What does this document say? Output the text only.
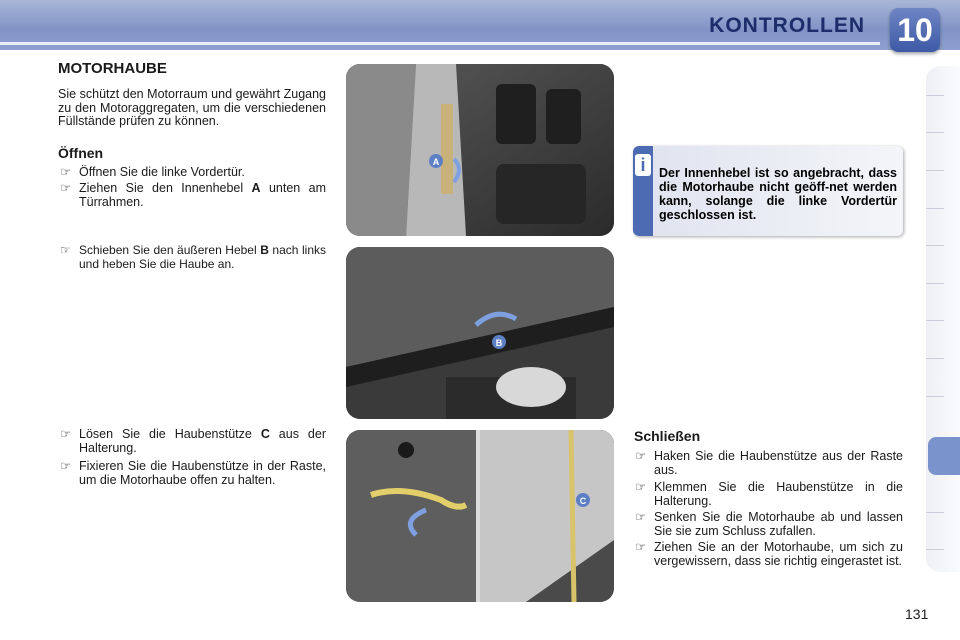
KONTROLLEN 10
MOTORHAUBE

Sie schützt den Motorraum und gewährt Zugang zu den Motoraggregaten, um die verschiedenen Füllstände prüfen zu können.

Öffnen
☞ Öffnen Sie die linke Vordertür.
☞ Ziehen Sie den Innenhebel A unten am Türrahmen.
☞ Schieben Sie den äußeren Hebel B nach links und heben Sie die Haube an.
☞ Lösen Sie die Haubenstütze C aus der Halterung.
☞ Fixieren Sie die Haubenstütze in der Raste, um die Motorhaube offen zu halten.
A
B
C
i	Der Innenhebel ist so angebracht, dass die Motorhaube nicht geöff-net werden kann, solange die linke Vordertür geschlossen ist.
Schließen
☞ Haken Sie die Haubenstütze aus der Raste aus.
☞ Klemmen Sie die Haubenstütze in die Halterung.
☞ Senken Sie die Motorhaube ab und lassen Sie sie zum Schluss zufallen.
☞ Ziehen Sie an der Motorhaube, um sich zu vergewissern, dass sie richtig eingerastet ist.
131
